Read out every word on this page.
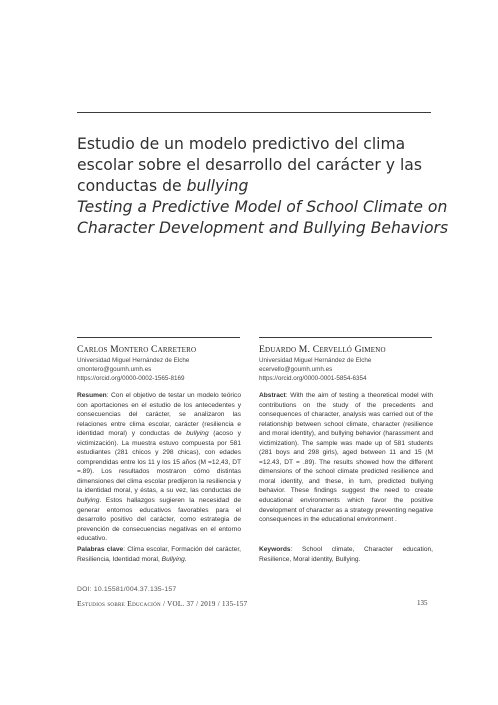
Estudio de un modelo predictivo del clima
escolar sobre el desarrollo del carácter y las
conductas de bullying
Testing a Predictive Model of School Climate on
Character Development and Bullying Behaviors
Carlos Montero Carretero
Universidad Miguel Hernández de Elche
cmontero@goumh.umh.es
https://orcid.org/0000-0002-1565-8169
Eduardo M. Cervelló Gimeno
Universidad Miguel Hernández de Elche
ecervello@goumh.umh.es
https://orcid.org/0000-0001-5854-6354
Resumen: Con el objetivo de testar un modelo teórico con aportaciones en el estudio de los antecedentes y consecuencias del carácter, se analizaron las relaciones entre clima escolar, carácter (resiliencia e identidad moral) y conductas de bullying (acoso y victimización). La muestra estuvo compuesta por 581 estudiantes (281 chicos y 298 chicas), con edades comprendidas entre los 11 y los 15 años (M =12,43, DT =.89). Los resultados mostraron cómo distintas dimensiones del clima escolar predijeron la resiliencia y la identidad moral, y éstas, a su vez, las conductas de bullying. Estos hallazgos sugieren la necesidad de generar entornos educativos favorables para el desarrollo positivo del carácter, como estrategia de prevención de consecuencias negativas en el entorno educativo.
Abstract: With the aim of testing a theoretical model with contributions on the study of the precedents and consequences of character, analysis was carried out of the relationship between school climate, character (resilience and moral identity), and bullying behavior (harassment and victimization). The sample was made up of 581 students (281 boys and 298 girls), aged between 11 and 15 (M =12.43, DT = .89). The results showed how the different dimensions of the school climate predicted resilience and moral identity, and these, in turn, predicted bullying behavior. These findings suggest the need to create educational environments which favor the positive development of character as a strategy preventing negative consequences in the educational environment .
Palabras clave: Clima escolar, Formación del carácter, Resiliencia, Identidad moral, Bullying.
Keywords: School climate, Character education, Resilience, Moral identity, Bullying.
DOI: 10.15581/004.37.135-157
Estudios sobre Educación / VOL. 37 / 2019 / 135-157	135
